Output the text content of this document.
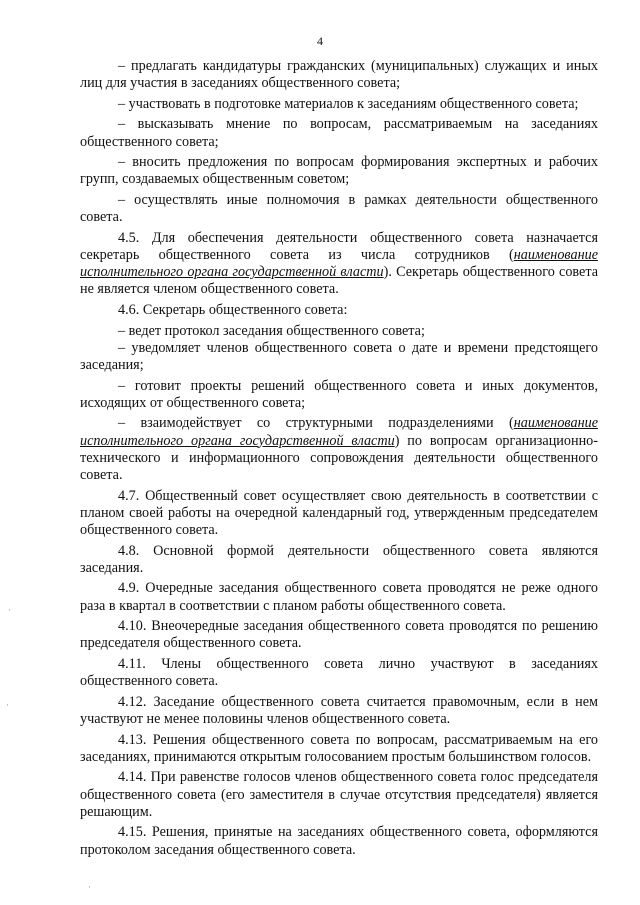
4

– предлагать кандидатуры гражданских (муниципальных) служащих и иных лиц для участия в заседаниях общественного совета;

– участвовать в подготовке материалов к заседаниям общественного совета;

– высказывать мнение по вопросам, рассматриваемым на заседаниях общественного совета;

– вносить предложения по вопросам формирования экспертных и рабочих групп, создаваемых общественным советом;

– осуществлять иные полномочия в рамках деятельности общественного совета.

4.5. Для обеспечения деятельности общественного совета назначается секретарь общественного совета из числа сотрудников (наименование исполнительного органа государственной власти). Секретарь общественного совета не является членом общественного совета.

4.6. Секретарь общественного совета:

– ведет протокол заседания общественного совета;

– уведомляет членов общественного совета о дате и времени предстоящего заседания;

– готовит проекты решений общественного совета и иных документов, исходящих от общественного совета;

– взаимодействует со структурными подразделениями (наименование исполнительного органа государственной власти) по вопросам организационно-технического и информационного сопровождения деятельности общественного совета.

4.7. Общественный совет осуществляет свою деятельность в соответствии с планом своей работы на очередной календарный год, утвержденным председателем общественного совета.

4.8. Основной формой деятельности общественного совета являются заседания.

4.9. Очередные заседания общественного совета проводятся не реже одного раза в квартал в соответствии с планом работы общественного совета.

4.10. Внеочередные заседания общественного совета проводятся по решению председателя общественного совета.

4.11. Члены общественного совета лично участвуют в заседаниях общественного совета.

4.12. Заседание общественного совета считается правомочным, если в нем участвуют не менее половины членов общественного совета.

4.13. Решения общественного совета по вопросам, рассматриваемым на его заседаниях, принимаются открытым голосованием простым большинством голосов.

4.14. При равенстве голосов членов общественного совета голос председателя общественного совета (его заместителя в случае отсутствия председателя) является решающим.

4.15. Решения, принятые на заседаниях общественного совета, оформляются протоколом заседания общественного совета.

·
·
·
